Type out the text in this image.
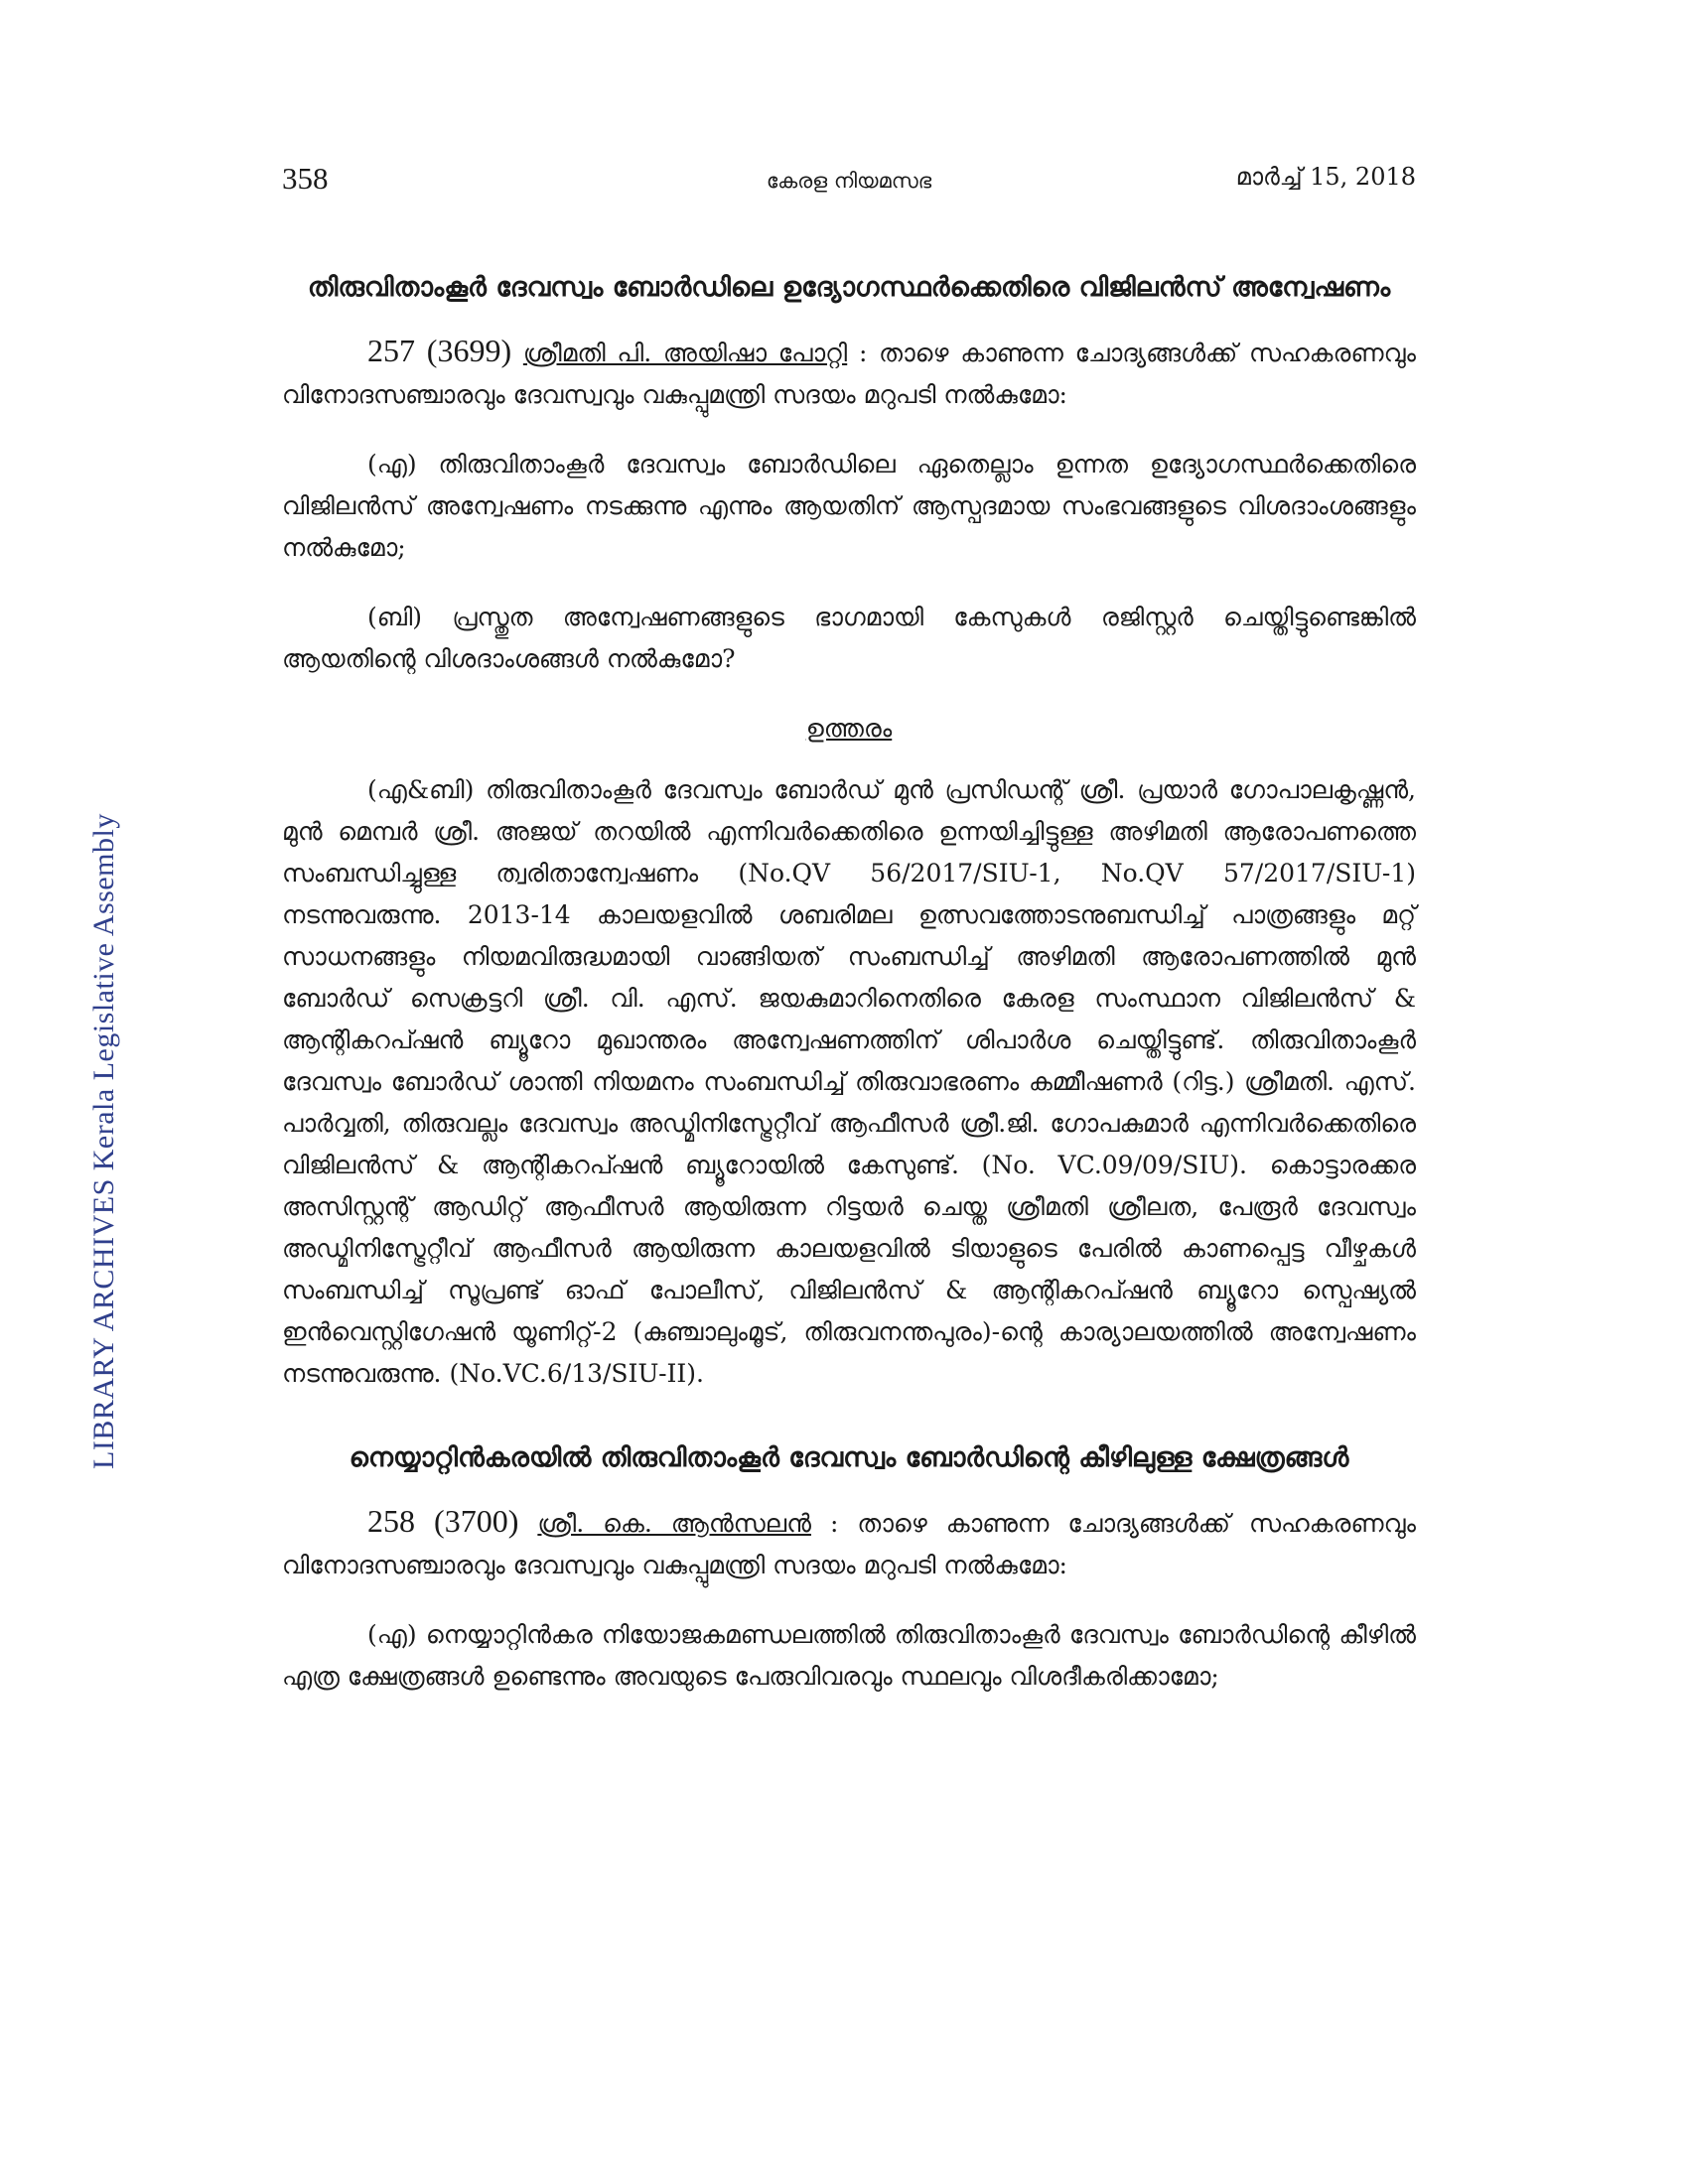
LIBRARY ARCHIVES Kerala Legislative Assembly
358	കേരള നിയമസഭ	മാർച്ച് 15, 2018

തിരുവിതാംകൂർ ദേവസ്വം ബോർഡിലെ ഉദ്യോഗസ്ഥർക്കെതിരെ വിജിലൻസ് അന്വേഷണം

257 (3699) ശ്രീമതി പി. അയിഷാ പോറ്റി : താഴെ കാണുന്ന ചോദ്യങ്ങൾക്ക് സഹകരണവും വിനോദസഞ്ചാരവും ദേവസ്വവും വകുപ്പുമന്ത്രി സദയം മറുപടി നൽകുമോ:

(എ) തിരുവിതാംകൂർ ദേവസ്വം ബോർഡിലെ ഏതെല്ലാം ഉന്നത ഉദ്യോഗസ്ഥർക്കെതിരെ വിജിലൻസ് അന്വേഷണം നടക്കുന്നു എന്നും ആയതിന് ആസ്പദമായ സംഭവങ്ങളുടെ വിശദാംശങ്ങളും നൽകുമോ;

(ബി) പ്രസ്തുത അന്വേഷണങ്ങളുടെ ഭാഗമായി കേസുകൾ രജിസ്റ്റർ ചെയ്തിട്ടുണ്ടെങ്കിൽ ആയതിന്റെ വിശദാംശങ്ങൾ നൽകുമോ?

ഉത്തരം

(എ&ബി) തിരുവിതാംകൂർ ദേവസ്വം ബോർഡ് മുൻ പ്രസിഡന്റ് ശ്രീ. പ്രയാർ ഗോപാലകൃഷ്ണൻ, മുൻ മെമ്പർ ശ്രീ. അജയ് തറയിൽ എന്നിവർക്കെതിരെ ഉന്നയിച്ചിട്ടുള്ള അഴിമതി ആരോപണത്തെ സംബന്ധിച്ചുള്ള ത്വരിതാന്വേഷണം (No.QV 56/2017/SIU-1, No.QV 57/2017/SIU-1) നടന്നുവരുന്നു. 2013-14 കാലയളവിൽ ശബരിമല ഉത്സവത്തോടനുബന്ധിച്ച് പാത്രങ്ങളും മറ്റ് സാധനങ്ങളും നിയമവിരുദ്ധമായി വാങ്ങിയത് സംബന്ധിച്ച് അഴിമതി ആരോപണത്തിൽ മുൻ ബോർഡ് സെക്രട്ടറി ശ്രീ. വി. എസ്. ജയകുമാറിനെതിരെ കേരള സംസ്ഥാന വിജിലൻസ് & ആന്റികറപ്ഷൻ ബ്യൂറോ മുഖാന്തരം അന്വേഷണത്തിന് ശിപാർശ ചെയ്തിട്ടുണ്ട്. തിരുവിതാംകൂർ ദേവസ്വം ബോർഡ് ശാന്തി നിയമനം സംബന്ധിച്ച് തിരുവാഭരണം കമ്മീഷണർ (റിട്ട.) ശ്രീമതി. എസ്. പാർവ്വതി, തിരുവല്ലം ദേവസ്വം അഡ്മിനിസ്ട്രേറ്റീവ് ആഫീസർ ശ്രീ.ജി. ഗോപകുമാർ എന്നിവർക്കെതിരെ വിജിലൻസ് & ആന്റികറപ്ഷൻ ബ്യൂറോയിൽ കേസുണ്ട്. (No. VC.09/09/SIU). കൊട്ടാരക്കര അസിസ്റ്റന്റ് ആഡിറ്റ് ആഫീസർ ആയിരുന്ന റിട്ടയർ ചെയ്ത ശ്രീമതി ശ്രീലത, പേരൂർ ദേവസ്വം അഡ്മിനിസ്ട്രേറ്റീവ് ആഫീസർ ആയിരുന്ന കാലയളവിൽ ടിയാളുടെ പേരിൽ കാണപ്പെട്ട വീഴ്ചകൾ സംബന്ധിച്ച് സൂപ്രണ്ട് ഓഫ് പോലീസ്, വിജിലൻസ് & ആന്റികറപ്ഷൻ ബ്യൂറോ സ്പെഷ്യൽ ഇൻവെസ്റ്റിഗേഷൻ യൂണിറ്റ്-2 (കുഞ്ചാലുംമൂട്, തിരുവനന്തപുരം)-ന്റെ കാര്യാലയത്തിൽ അന്വേഷണം നടന്നുവരുന്നു. (No.VC.6/13/SIU-II).

നെയ്യാറ്റിൻകരയിൽ തിരുവിതാംകൂർ ദേവസ്വം ബോർഡിന്റെ കീഴിലുള്ള ക്ഷേത്രങ്ങൾ

258 (3700) ശ്രീ. കെ. ആൻസലൻ : താഴെ കാണുന്ന ചോദ്യങ്ങൾക്ക് സഹകരണവും വിനോദസഞ്ചാരവും ദേവസ്വവും വകുപ്പുമന്ത്രി സദയം മറുപടി നൽകുമോ:

(എ) നെയ്യാറ്റിൻകര നിയോജകമണ്ഡലത്തിൽ തിരുവിതാംകൂർ ദേവസ്വം ബോർഡിന്റെ കീഴിൽ എത്ര ക്ഷേത്രങ്ങൾ ഉണ്ടെന്നും അവയുടെ പേരുവിവരവും സ്ഥലവും വിശദീകരിക്കാമോ;
